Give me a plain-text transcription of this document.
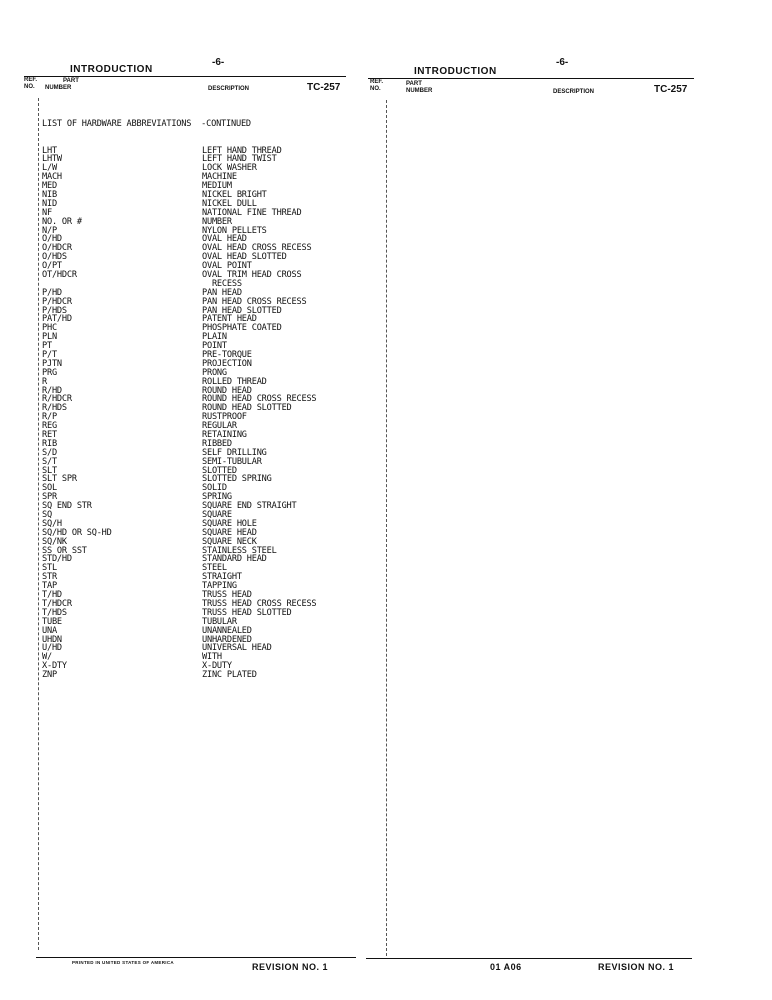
INTRODUCTION
-6-
REF.
NO.
PART
NUMBER	DESCRIPTION	TC-257

LIST OF HARDWARE ABBREVIATIONS  -CONTINUED

LHT	LEFT HAND THREAD
LHTW	LEFT HAND TWIST
L/W	LOCK WASHER
MACH	MACHINE
MED	MEDIUM
NIB	NICKEL BRIGHT
NID	NICKEL DULL
NF	NATIONAL FINE THREAD
NO. OR #	NUMBER
N/P	NYLON PELLETS
O/HD	OVAL HEAD
O/HDCR	OVAL HEAD CROSS RECESS
O/HDS	OVAL HEAD SLOTTED
O/PT	OVAL POINT
OT/HDCR	OVAL TRIM HEAD CROSS
RECESS
P/HD	PAN HEAD
P/HDCR	PAN HEAD CROSS RECESS
P/HDS	PAN HEAD SLOTTED
PAT/HD	PATENT HEAD
PHC	PHOSPHATE COATED
PLN	PLAIN
PT	POINT
P/T	PRE-TORQUE
PJTN	PROJECTION
PRG	PRONG
R	ROLLED THREAD
R/HD	ROUND HEAD
R/HDCR	ROUND HEAD CROSS RECESS
R/HDS	ROUND HEAD SLOTTED
R/P	RUSTPROOF
REG	REGULAR
RET	RETAINING
RIB	RIBBED
S/D	SELF DRILLING
S/T	SEMI-TUBULAR
SLT	SLOTTED
SLT SPR	SLOTTED SPRING
SOL	SOLID
SPR	SPRING
SQ END STR	SQUARE END STRAIGHT
SQ	SQUARE
SQ/H	SQUARE HOLE
SQ/HD OR SQ-HD	SQUARE HEAD
SQ/NK	SQUARE NECK
SS OR SST	STAINLESS STEEL
STD/HD	STANDARD HEAD
STL	STEEL
STR	STRAIGHT
TAP	TAPPING
T/HD	TRUSS HEAD
T/HDCR	TRUSS HEAD CROSS RECESS
T/HDS	TRUSS HEAD SLOTTED
TUBE	TUBULAR
UNA	UNANNEALED
UHDN	UNHARDENED
U/HD	UNIVERSAL HEAD
W/	WITH
X-DTY	X-DUTY
ZNP	ZINC PLATED

PRINTED IN UNITED STATES OF AMERICA	REVISION NO. 1
INTRODUCTION
-6-
REF.
NO.
PART
NUMBER	DESCRIPTION	TC-257
01 A06	REVISION NO. 1
